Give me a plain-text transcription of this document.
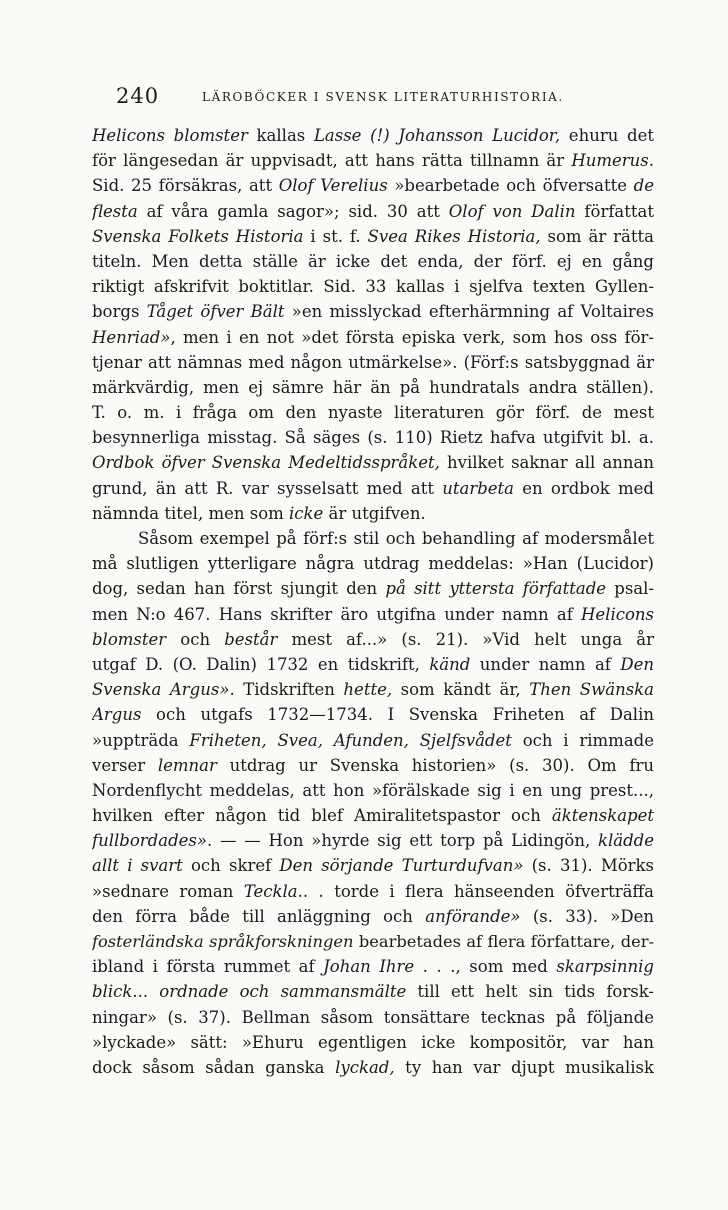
240	LÄROBÖCKER I SVENSK LITERATURHISTORIA.
Helicons blomster kallas Lasse (!) Johansson Lucidor, ehuru det
för längesedan är uppvisadt, att hans rätta tillnamn är Humerus.
Sid. 25 försäkras, att Olof Verelius »bearbetade och öfversatte de
flesta af våra gamla sagor»; sid. 30 att Olof von Dalin författat
Svenska Folkets Historia i st. f. Svea Rikes Historia, som är rätta
titeln. Men detta ställe är icke det enda, der förf. ej en gång
riktigt afskrifvit boktitlar. Sid. 33 kallas i sjelfva texten Gyllen-
borgs Tåget öfver Bält »en misslyckad efterhärmning af Voltaires
Henriad», men i en not »det första episka verk, som hos oss för-
tjenar att nämnas med någon utmärkelse». (Förf:s satsbyggnad är
märkvärdig, men ej sämre här än på hundratals andra ställen).
T. o. m. i fråga om den nyaste literaturen gör förf. de mest
besynnerliga misstag. Så säges (s. 110) Rietz hafva utgifvit bl. a.
Ordbok öfver Svenska Medeltidsspråket, hvilket saknar all annan
grund, än att R. var sysselsatt med att utarbeta en ordbok med
nämnda titel, men som icke är utgifven.
Såsom exempel på förf:s stil och behandling af modersmålet
må slutligen ytterligare några utdrag meddelas: »Han (Lucidor)
dog, sedan han först sjungit den på sitt yttersta författade psal-
men N:o 467. Hans skrifter äro utgifna under namn af Helicons
blomster och består mest af...» (s. 21). »Vid helt unga år
utgaf D. (O. Dalin) 1732 en tidskrift, känd under namn af Den
Svenska Argus». Tidskriften hette, som kändt är, Then Swänska
Argus och utgafs 1732—1734. I Svenska Friheten af Dalin
»uppträda Friheten, Svea, Afunden, Sjelfsvådet och i rimmade
verser lemnar utdrag ur Svenska historien» (s. 30). Om fru
Nordenflycht meddelas, att hon »förälskade sig i en ung prest...,
hvilken efter någon tid blef Amiralitetspastor och äktenskapet
fullbordades». — — Hon »hyrde sig ett torp på Lidingön, klädde
allt i svart och skref Den sörjande Turturdufvan» (s. 31). Mörks
»sednare roman Teckla.. . torde i flera hänseenden öfverträffa
den förra både till anläggning och anförande» (s. 33). »Den
fosterländska språkforskningen bearbetades af flera författare, der-
ibland i första rummet af Johan Ihre . . ., som med skarpsinnig
blick... ordnade och sammansmälte till ett helt sin tids forsk-
ningar» (s. 37). Bellman såsom tonsättare tecknas på följande
»lyckade» sätt: »Ehuru egentligen icke kompositör, var han
dock såsom sådan ganska lyckad, ty han var djupt musikalisk
